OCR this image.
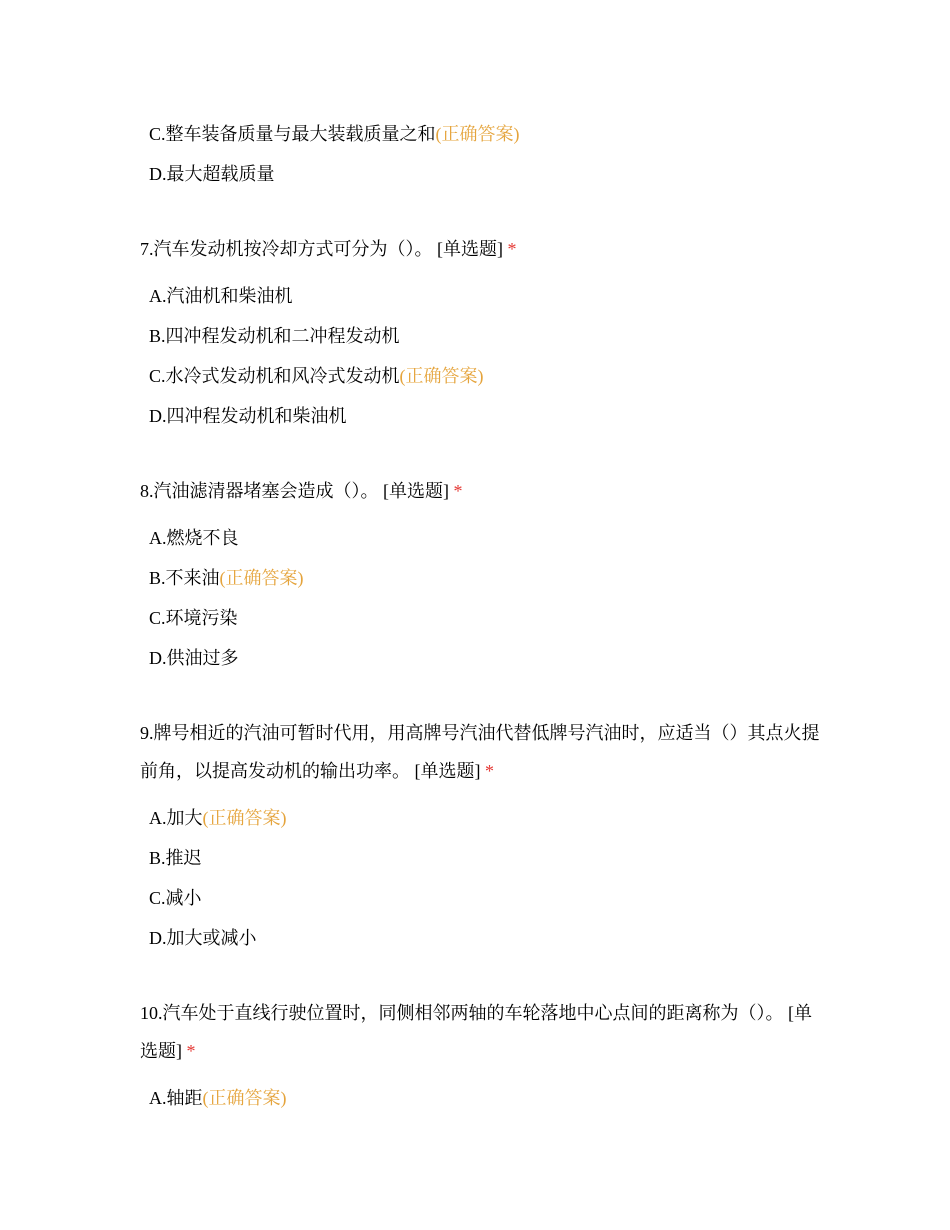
C.整车装备质量与最大装载质量之和(正确答案)
D.最大超载质量
7.汽车发动机按冷却方式可分为（）。 [单选题] *
A.汽油机和柴油机
B.四冲程发动机和二冲程发动机
C.水冷式发动机和风冷式发动机(正确答案)
D.四冲程发动机和柴油机
8.汽油滤清器堵塞会造成（）。 [单选题] *
A.燃烧不良
B.不来油(正确答案)
C.环境污染
D.供油过多
9.牌号相近的汽油可暂时代用，用高牌号汽油代替低牌号汽油时，应适当（）其点火提前角，以提高发动机的输出功率。 [单选题] *
A.加大(正确答案)
B.推迟
C.减小
D.加大或减小
10.汽车处于直线行驶位置时，同侧相邻两轴的车轮落地中心点间的距离称为（）。 [单选题] *
A.轴距(正确答案)
